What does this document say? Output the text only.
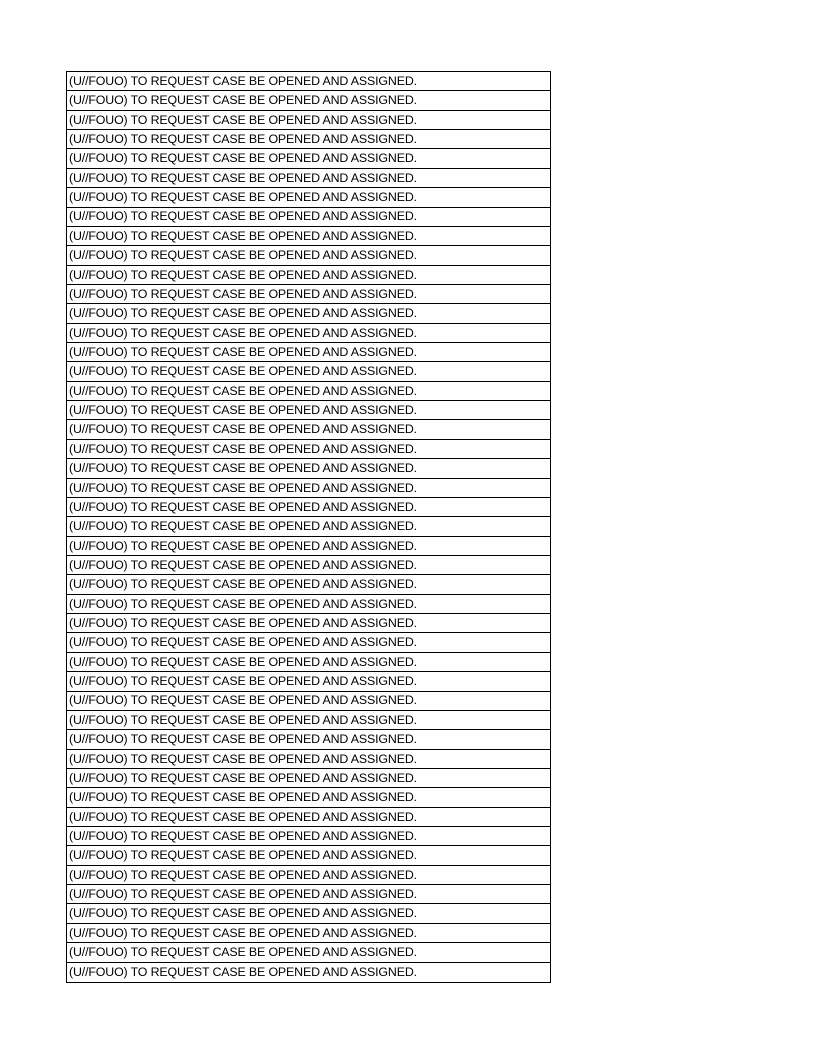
(U//FOUO) TO REQUEST CASE BE OPENED AND ASSIGNED.
(U//FOUO) TO REQUEST CASE BE OPENED AND ASSIGNED.
(U//FOUO) TO REQUEST CASE BE OPENED AND ASSIGNED.
(U//FOUO) TO REQUEST CASE BE OPENED AND ASSIGNED.
(U//FOUO) TO REQUEST CASE BE OPENED AND ASSIGNED.
(U//FOUO) TO REQUEST CASE BE OPENED AND ASSIGNED.
(U//FOUO) TO REQUEST CASE BE OPENED AND ASSIGNED.
(U//FOUO) TO REQUEST CASE BE OPENED AND ASSIGNED.
(U//FOUO) TO REQUEST CASE BE OPENED AND ASSIGNED.
(U//FOUO) TO REQUEST CASE BE OPENED AND ASSIGNED.
(U//FOUO) TO REQUEST CASE BE OPENED AND ASSIGNED.
(U//FOUO) TO REQUEST CASE BE OPENED AND ASSIGNED.
(U//FOUO) TO REQUEST CASE BE OPENED AND ASSIGNED.
(U//FOUO) TO REQUEST CASE BE OPENED AND ASSIGNED.
(U//FOUO) TO REQUEST CASE BE OPENED AND ASSIGNED.
(U//FOUO) TO REQUEST CASE BE OPENED AND ASSIGNED.
(U//FOUO) TO REQUEST CASE BE OPENED AND ASSIGNED.
(U//FOUO) TO REQUEST CASE BE OPENED AND ASSIGNED.
(U//FOUO) TO REQUEST CASE BE OPENED AND ASSIGNED.
(U//FOUO) TO REQUEST CASE BE OPENED AND ASSIGNED.
(U//FOUO) TO REQUEST CASE BE OPENED AND ASSIGNED.
(U//FOUO) TO REQUEST CASE BE OPENED AND ASSIGNED.
(U//FOUO) TO REQUEST CASE BE OPENED AND ASSIGNED.
(U//FOUO) TO REQUEST CASE BE OPENED AND ASSIGNED.
(U//FOUO) TO REQUEST CASE BE OPENED AND ASSIGNED.
(U//FOUO) TO REQUEST CASE BE OPENED AND ASSIGNED.
(U//FOUO) TO REQUEST CASE BE OPENED AND ASSIGNED.
(U//FOUO) TO REQUEST CASE BE OPENED AND ASSIGNED.
(U//FOUO) TO REQUEST CASE BE OPENED AND ASSIGNED.
(U//FOUO) TO REQUEST CASE BE OPENED AND ASSIGNED.
(U//FOUO) TO REQUEST CASE BE OPENED AND ASSIGNED.
(U//FOUO) TO REQUEST CASE BE OPENED AND ASSIGNED.
(U//FOUO) TO REQUEST CASE BE OPENED AND ASSIGNED.
(U//FOUO) TO REQUEST CASE BE OPENED AND ASSIGNED.
(U//FOUO) TO REQUEST CASE BE OPENED AND ASSIGNED.
(U//FOUO) TO REQUEST CASE BE OPENED AND ASSIGNED.
(U//FOUO) TO REQUEST CASE BE OPENED AND ASSIGNED.
(U//FOUO) TO REQUEST CASE BE OPENED AND ASSIGNED.
(U//FOUO) TO REQUEST CASE BE OPENED AND ASSIGNED.
(U//FOUO) TO REQUEST CASE BE OPENED AND ASSIGNED.
(U//FOUO) TO REQUEST CASE BE OPENED AND ASSIGNED.
(U//FOUO) TO REQUEST CASE BE OPENED AND ASSIGNED.
(U//FOUO) TO REQUEST CASE BE OPENED AND ASSIGNED.
(U//FOUO) TO REQUEST CASE BE OPENED AND ASSIGNED.
(U//FOUO) TO REQUEST CASE BE OPENED AND ASSIGNED.
(U//FOUO) TO REQUEST CASE BE OPENED AND ASSIGNED.
(U//FOUO) TO REQUEST CASE BE OPENED AND ASSIGNED.
